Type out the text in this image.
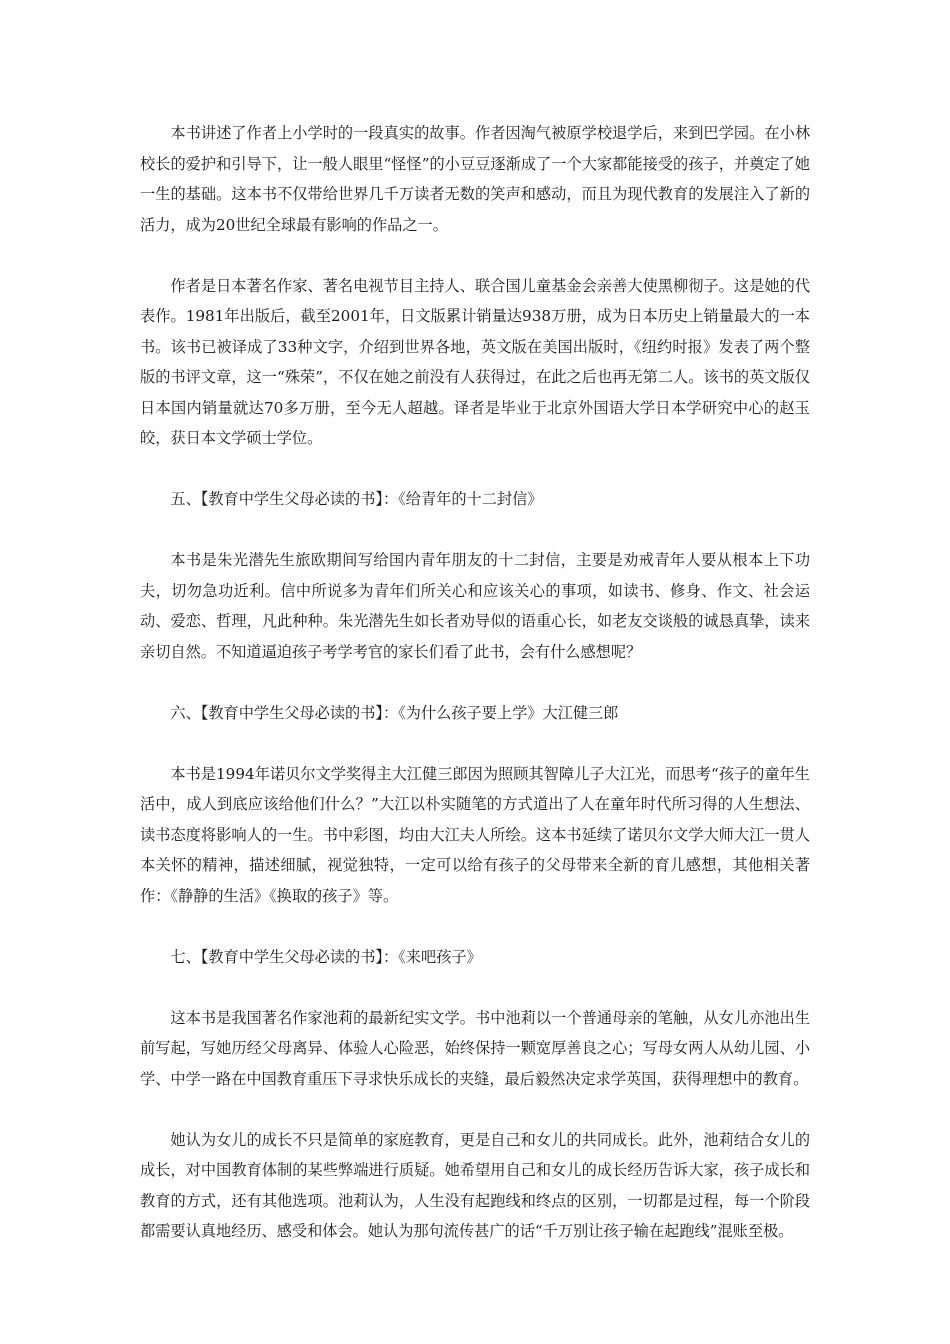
本书讲述了作者上小学时的一段真实的故事。作者因淘气被原学校退学后，来到巴学园。在小林校长的爱护和引导下，让一般人眼里“怪怪”的小豆豆逐渐成了一个大家都能接受的孩子，并奠定了她一生的基础。这本书不仅带给世界几千万读者无数的笑声和感动，而且为现代教育的发展注入了新的活力，成为20世纪全球最有影响的作品之一。

作者是日本著名作家、著名电视节目主持人、联合国儿童基金会亲善大使黑柳彻子。这是她的代表作。1981年出版后，截至2001年，日文版累计销量达938万册，成为日本历史上销量最大的一本书。该书已被译成了33种文字，介绍到世界各地，英文版在美国出版时，《纽约时报》发表了两个整版的书评文章，这一“殊荣”，不仅在她之前没有人获得过，在此之后也再无第二人。该书的英文版仅日本国内销量就达70多万册，至今无人超越。译者是毕业于北京外国语大学日本学研究中心的赵玉皎，获日本文学硕士学位。

五、【教育中学生父母必读的书】：《给青年的十二封信》

本书是朱光潜先生旅欧期间写给国内青年朋友的十二封信，主要是劝戒青年人要从根本上下功夫，切勿急功近利。信中所说多为青年们所关心和应该关心的事项，如读书、修身、作文、社会运动、爱恋、哲理，凡此种种。朱光潜先生如长者劝导似的语重心长，如老友交谈般的诚恳真挚，读来亲切自然。不知道逼迫孩子考学考官的家长们看了此书，会有什么感想呢？

六、【教育中学生父母必读的书】：《为什么孩子要上学》大江健三郎

本书是1994年诺贝尔文学奖得主大江健三郎因为照顾其智障儿子大江光，而思考“孩子的童年生活中，成人到底应该给他们什么？”大江以朴实随笔的方式道出了人在童年时代所习得的人生想法、读书态度将影响人的一生。书中彩图，均由大江夫人所绘。这本书延续了诺贝尔文学大师大江一贯人本关怀的精神，描述细腻，视觉独特，一定可以给有孩子的父母带来全新的育儿感想，其他相关著作：《静静的生活》《换取的孩子》等。

七、【教育中学生父母必读的书】：《来吧孩子》

这本书是我国著名作家池莉的最新纪实文学。书中池莉以一个普通母亲的笔触，从女儿亦池出生前写起，写她历经父母离异、体验人心险恶，始终保持一颗宽厚善良之心；写母女两人从幼儿园、小学、中学一路在中国教育重压下寻求快乐成长的夹缝，最后毅然决定求学英国，获得理想中的教育。

她认为女儿的成长不只是简单的家庭教育，更是自己和女儿的共同成长。此外，池莉结合女儿的成长，对中国教育体制的某些弊端进行质疑。她希望用自己和女儿的成长经历告诉大家，孩子成长和教育的方式，还有其他选项。池莉认为，人生没有起跑线和终点的区别，一切都是过程，每一个阶段都需要认真地经历、感受和体会。她认为那句流传甚广的话“千万别让孩子输在起跑线”混账至极。
